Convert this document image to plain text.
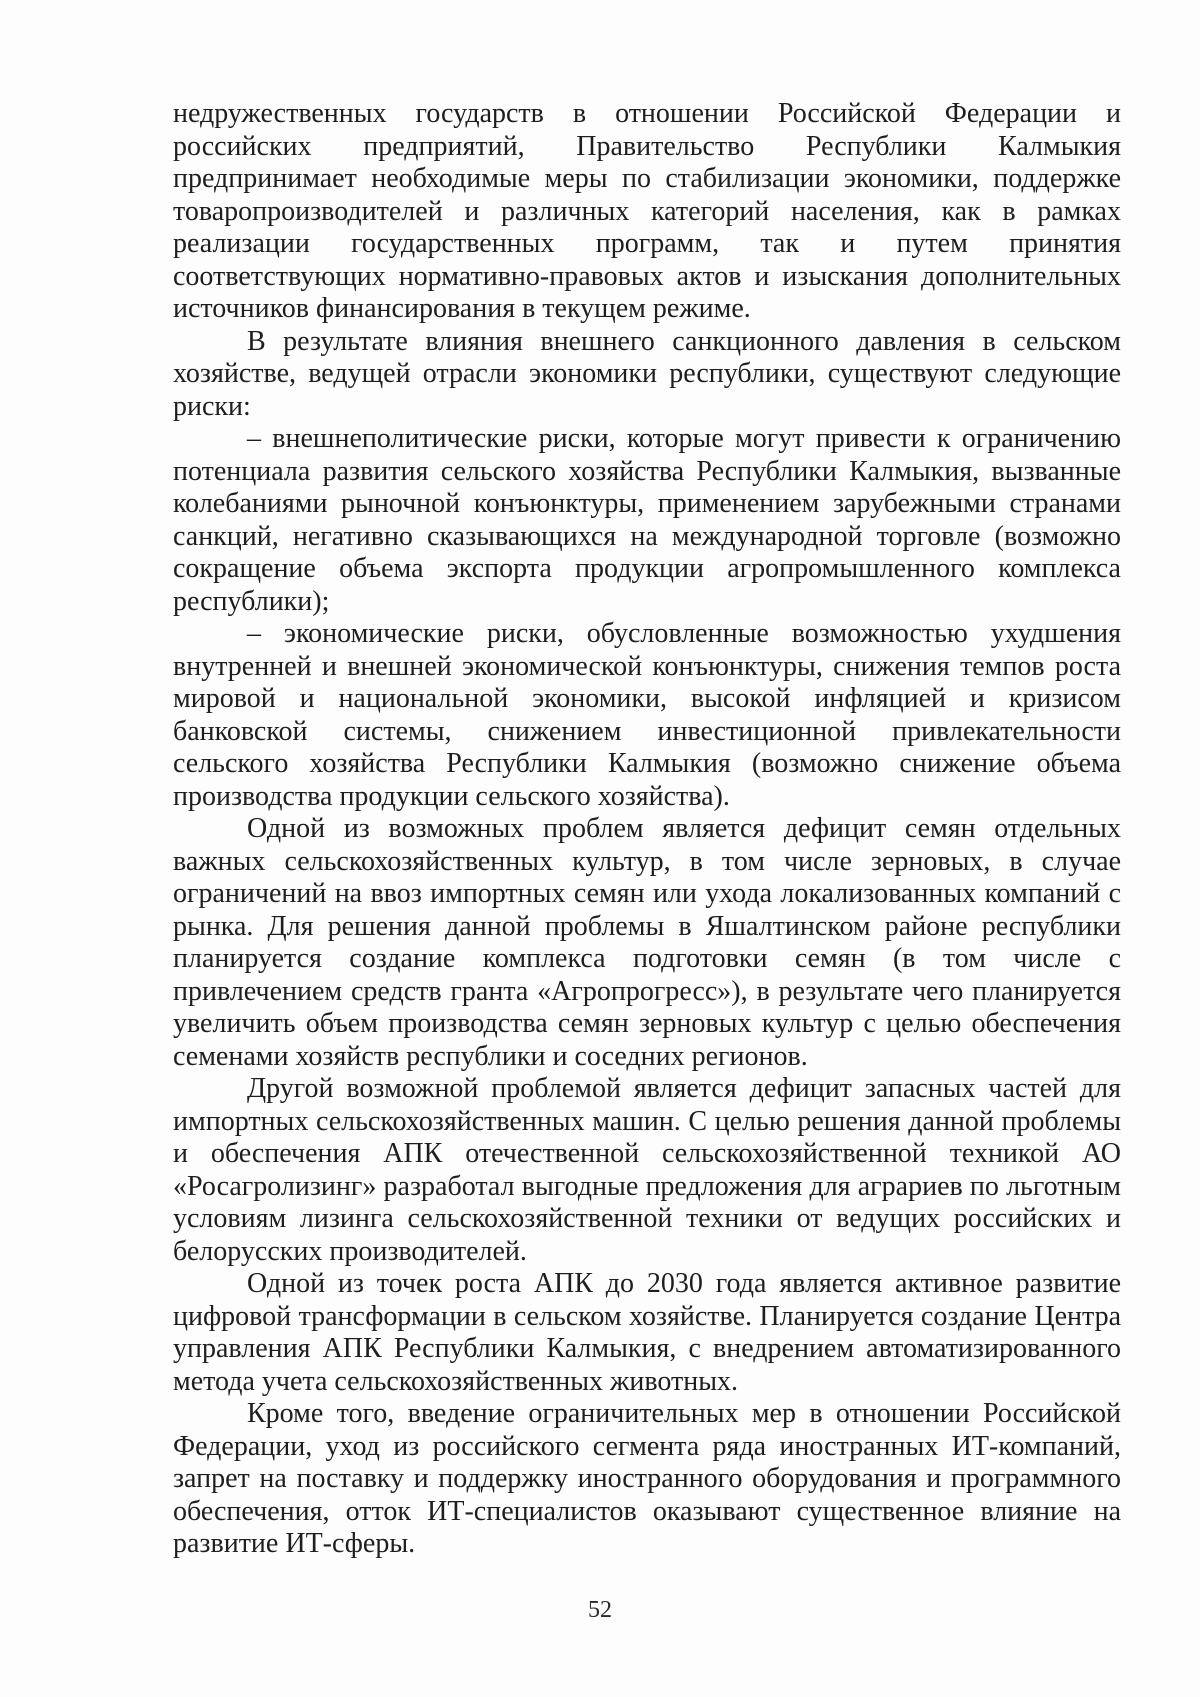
недружественных государств в отношении Российской Федерации и российских предприятий, Правительство Республики Калмыкия предпринимает необходимые меры по стабилизации экономики, поддержке товаропроизводителей и различных категорий населения, как в рамках реализации государственных программ, так и путем принятия соответствующих нормативно-правовых актов и изыскания дополнительных источников финансирования в текущем режиме.

В результате влияния внешнего санкционного давления в сельском хозяйстве, ведущей отрасли экономики республики, существуют следующие риски:

– внешнеполитические риски, которые могут привести к ограничению потенциала развития сельского хозяйства Республики Калмыкия, вызванные колебаниями рыночной конъюнктуры, применением зарубежными странами санкций, негативно сказывающихся на международной торговле (возможно сокращение объема экспорта продукции агропромышленного комплекса республики);

– экономические риски, обусловленные возможностью ухудшения внутренней и внешней экономической конъюнктуры, снижения темпов роста мировой и национальной экономики, высокой инфляцией и кризисом банковской системы, снижением инвестиционной привлекательности сельского хозяйства Республики Калмыкия (возможно снижение объема производства продукции сельского хозяйства).

Одной из возможных проблем является дефицит семян отдельных важных сельскохозяйственных культур, в том числе зерновых, в случае ограничений на ввоз импортных семян или ухода локализованных компаний с рынка. Для решения данной проблемы в Яшалтинском районе республики планируется создание комплекса подготовки семян (в том числе с привлечением средств гранта «Агропрогресс»), в результате чего планируется увеличить объем производства семян зерновых культур с целью обеспечения семенами хозяйств республики и соседних регионов.

Другой возможной проблемой является дефицит запасных частей для импортных сельскохозяйственных машин. С целью решения данной проблемы и обеспечения АПК отечественной сельскохозяйственной техникой АО «Росагролизинг» разработал выгодные предложения для аграриев по льготным условиям лизинга сельскохозяйственной техники от ведущих российских и белорусских производителей.

Одной из точек роста АПК до 2030 года является активное развитие цифровой трансформации в сельском хозяйстве. Планируется создание Центра управления АПК Республики Калмыкия, с внедрением автоматизированного метода учета сельскохозяйственных животных.

Кроме того, введение ограничительных мер в отношении Российской Федерации, уход из российского сегмента ряда иностранных ИТ-компаний, запрет на поставку и поддержку иностранного оборудования и программного обеспечения, отток ИТ-специалистов оказывают существенное влияние на развитие ИТ-сферы.

52
